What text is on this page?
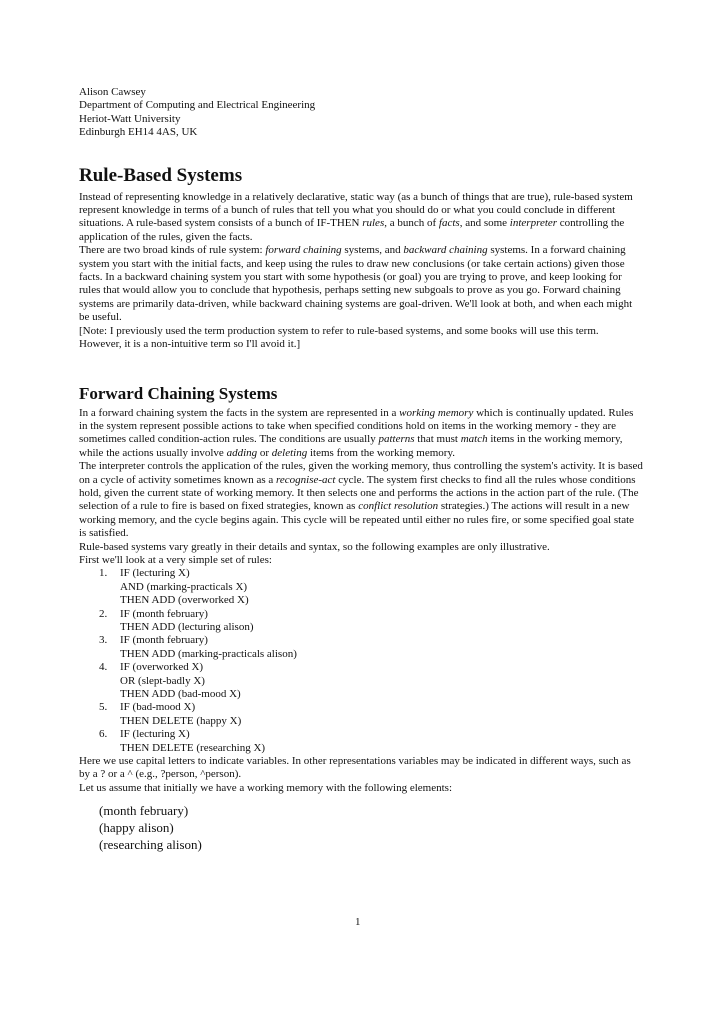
Alison Cawsey
Department of Computing and Electrical Engineering
Heriot-Watt University
Edinburgh EH14 4AS, UK
Rule-Based Systems

Instead of representing knowledge in a relatively declarative, static way (as a bunch of things that are true), rule-based system represent knowledge in terms of a bunch of rules that tell you what you should do or what you could conclude in different situations. A rule-based system consists of a bunch of IF-THEN rules, a bunch of facts, and some interpreter controlling the application of the rules, given the facts.

There are two broad kinds of rule system: forward chaining systems, and backward chaining systems. In a forward chaining system you start with the initial facts, and keep using the rules to draw new conclusions (or take certain actions) given those facts. In a backward chaining system you start with some hypothesis (or goal) you are trying to prove, and keep looking for rules that would allow you to conclude that hypothesis, perhaps setting new subgoals to prove as you go. Forward chaining systems are primarily data-driven, while backward chaining systems are goal-driven. We'll look at both, and when each might be useful.

[Note: I previously used the term production system to refer to rule-based systems, and some books will use this term. However, it is a non-intuitive term so I'll avoid it.]

Forward Chaining Systems

In a forward chaining system the facts in the system are represented in a working memory which is continually updated. Rules in the system represent possible actions to take when specified conditions hold on items in the working memory - they are sometimes called condition-action rules. The conditions are usually patterns that must match items in the working memory, while the actions usually involve adding or deleting items from the working memory.

The interpreter controls the application of the rules, given the working memory, thus controlling the system's activity. It is based on a cycle of activity sometimes known as a recognise-act cycle. The system first checks to find all the rules whose conditions hold, given the current state of working memory. It then selects one and performs the actions in the action part of the rule. (The selection of a rule to fire is based on fixed strategies, known as conflict resolution strategies.) The actions will result in a new working memory, and the cycle begins again. This cycle will be repeated until either no rules fire, or some specified goal state is satisfied.

Rule-based systems vary greatly in their details and syntax, so the following examples are only illustrative.

First we'll look at a very simple set of rules:

1. IF (lecturing X)
AND (marking-practicals X)
THEN ADD (overworked X)
2. IF (month february)
THEN ADD (lecturing alison)
3. IF (month february)
THEN ADD (marking-practicals alison)
4. IF (overworked X)
OR (slept-badly X)
THEN ADD (bad-mood X)
5. IF (bad-mood X)
THEN DELETE (happy X)
6. IF (lecturing X)
THEN DELETE (researching X)

Here we use capital letters to indicate variables. In other representations variables may be indicated in different ways, such as by a ? or a ^ (e.g., ?person, ^person).

Let us assume that initially we have a working memory with the following elements:

(month february)
(happy alison)
(researching alison)
1
